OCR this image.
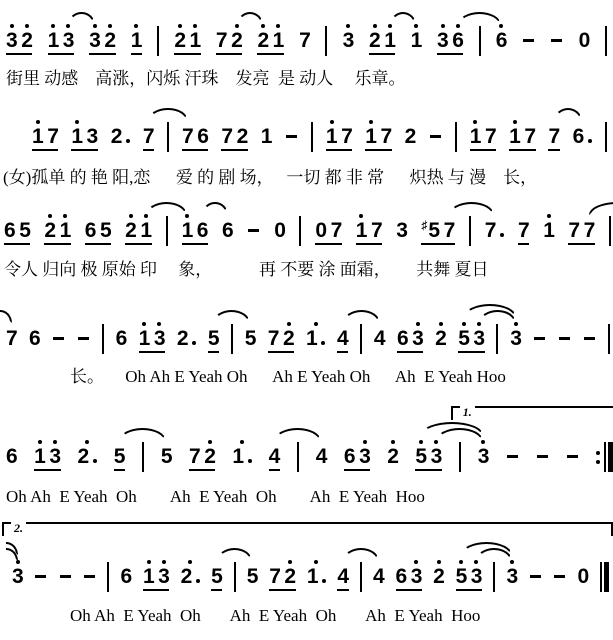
3 2 1 3 3 2 1 2 1 7 2 2 1 7 3 2 1 1 3 6 6	0
街里 动感    高涨，闪烁 汗珠    发亮  是 动人     乐章。
1 7 1 3 2 7 7 6 7 2 1	1 7 1 7 2	1 7 1 7 7 6
(女)孤单 的 艳 阳,恋      爱 的 剧 场，   一切 都 非 常      炽热 与 漫    长，
6 5 2 1 6 5 2 1 1 6 6 0 0 7 1 7 3 ♯ 5 7 7 7 1 7 7
令人 归向 极 原始 印     象，           再 不要 涂 面霜，      共舞 夏日
7 6	6 1 3 2 5 5 7 2 1 4 4 6 3 2 5 3 3
长。     Oh Ah E Yeah Oh      Ah E Yeah Oh      Ah  E Yeah Hoo
6 1 3 2 5 5 7 2 1 4 4 6 3 2 5 3 3
1.
Oh Ah  E Yeah  Oh        Ah  E Yeah  Oh        Ah  E Yeah  Hoo
3	6 1 3 2 5 5 7 2 1 4 4 6 3 2 5 3 3	0
2.
Oh Ah  E Yeah  Oh       Ah  E Yeah  Oh       Ah  E Yeah  Hoo
